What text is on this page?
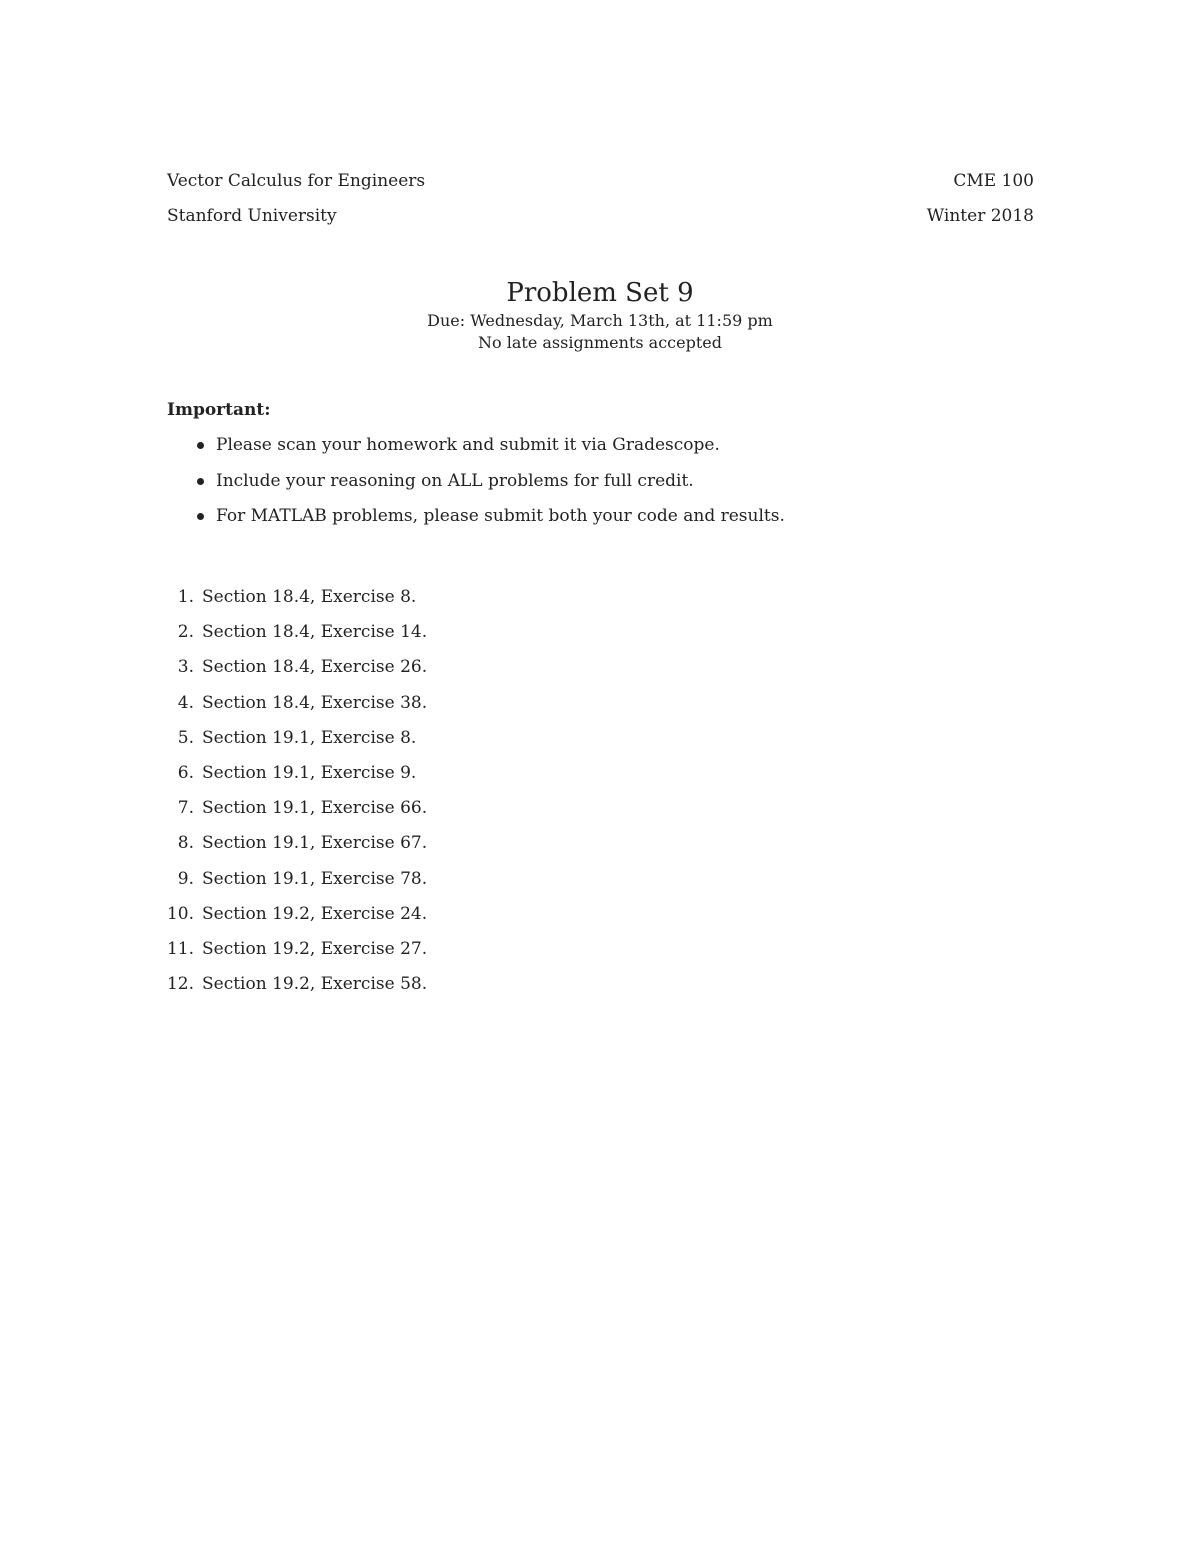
Vector Calculus for Engineers	CME 100
Stanford University	Winter 2018
Problem Set 9

Due: Wednesday, March 13th, at 11:59 pm

No late assignments accepted

Important:
Please scan your homework and submit it via Gradescope.
Include your reasoning on ALL problems for full credit.
For MATLAB problems, please submit both your code and results.
1. Section 18.4, Exercise 8.
2. Section 18.4, Exercise 14.
3. Section 18.4, Exercise 26.
4. Section 18.4, Exercise 38.
5. Section 19.1, Exercise 8.
6. Section 19.1, Exercise 9.
7. Section 19.1, Exercise 66.
8. Section 19.1, Exercise 67.
9. Section 19.1, Exercise 78.
10. Section 19.2, Exercise 24.
11. Section 19.2, Exercise 27.
12. Section 19.2, Exercise 58.
